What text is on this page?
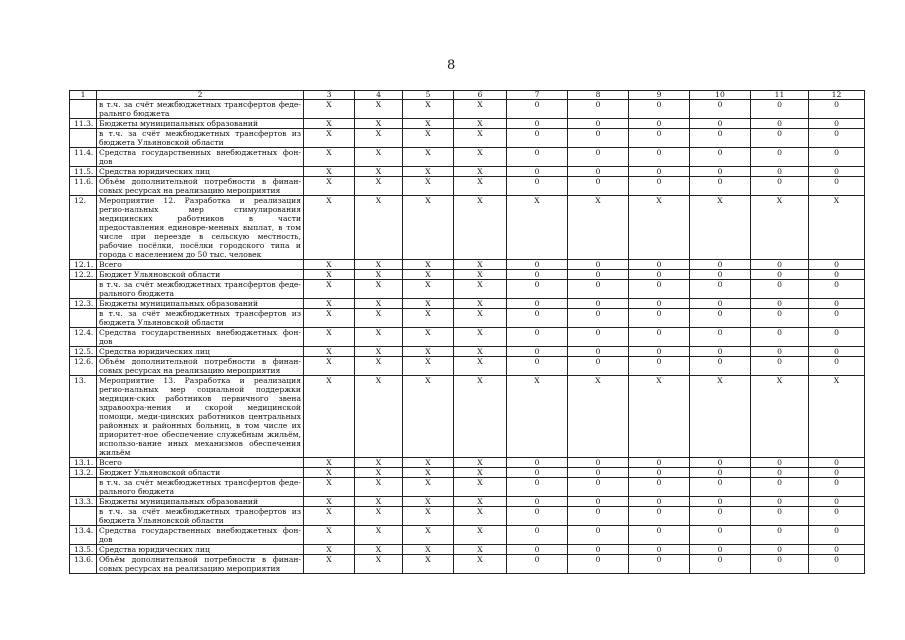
8
1	2	3	4	5	6	7	8	9	10	11	12
	в т.ч. за счёт межбюджетных трансфертов феде-ральнго бюджета	X	X	X	X	0	0	0	0	0	0
11.3.	Бюджеты муниципальных образований	X	X	X	X	0	0	0	0	0	0
	в т.ч. за счёт межбюджетных трансфертов из бюджета Ульяновской области	X	X	X	X	0	0	0	0	0	0
11.4.	Средства государственных внебюджетных фон-дов	X	X	X	X	0	0	0	0	0	0
11.5.	Средства юридических лиц	X	X	X	X	0	0	0	0	0	0
11.6.	Объём дополнительной потребности в финан-совых ресурсах на реализацию мероприятия	X	X	X	X	0	0	0	0	0	0
12.	Мероприятие 12. Разработка и реализация регио-нальных мер стимулирования медицинских работников в части предоставления единовре-менных выплат, в том числе при переезде в сельскую местность, рабочие посёлки, посёлки городского типа и города с населением до 50 тыс. человек	X	X	X	X	X	X	X	X	X	X
12.1.	Всего	X	X	X	X	0	0	0	0	0	0
12.2.	Бюджет Ульяновской области	X	X	X	X	0	0	0	0	0	0
	в т.ч. за счёт межбюджетных трансфертов феде-рального бюджета	X	X	X	X	0	0	0	0	0	0
12.3.	Бюджеты муниципальных образований	X	X	X	X	0	0	0	0	0	0
	в т.ч. за счёт межбюджетных трансфертов из бюджета Ульяновской области	X	X	X	X	0	0	0	0	0	0
12.4.	Средства государственных внебюджетных фон-дов	X	X	X	X	0	0	0	0	0	0
12.5.	Средства юридических лиц	X	X	X	X	0	0	0	0	0	0
12.6.	Объём дополнительной потребности в финан-совых ресурсах на реализацию мероприятия	X	X	X	X	0	0	0	0	0	0
13.	Мероприятие 13. Разработка и реализация регио-нальных мер социальной поддержки медицин-ских работников первичного звена здравоохра-нения и скорой медицинской помощи, меди-цинских работников центральных районных и районных больниц, в том числе их приоритет-ное обеспечение служебным жильём, использо-вание иных механизмов обеспечения жильём	X	X	X	X	X	X	X	X	X	X
13.1.	Всего	X	X	X	X	0	0	0	0	0	0
13.2.	Бюджет Ульяновской области	X	X	X	X	0	0	0	0	0	0
	в т.ч. за счёт межбюджетных трансфертов феде-рального бюджета	X	X	X	X	0	0	0	0	0	0
13.3.	Бюджеты муниципальных образований	X	X	X	X	0	0	0	0	0	0
	в т.ч. за счёт межбюджетных трансфертов из бюджета Ульяновской области	X	X	X	X	0	0	0	0	0	0
13.4.	Средства государственных внебюджетных фон-дов	X	X	X	X	0	0	0	0	0	0
13.5.	Средства юридических лиц	X	X	X	X	0	0	0	0	0	0
13.6.	Объём дополнительной потребности в финан-совых ресурсах на реализацию мероприятия	X	X	X	X	0	0	0	0	0	0
